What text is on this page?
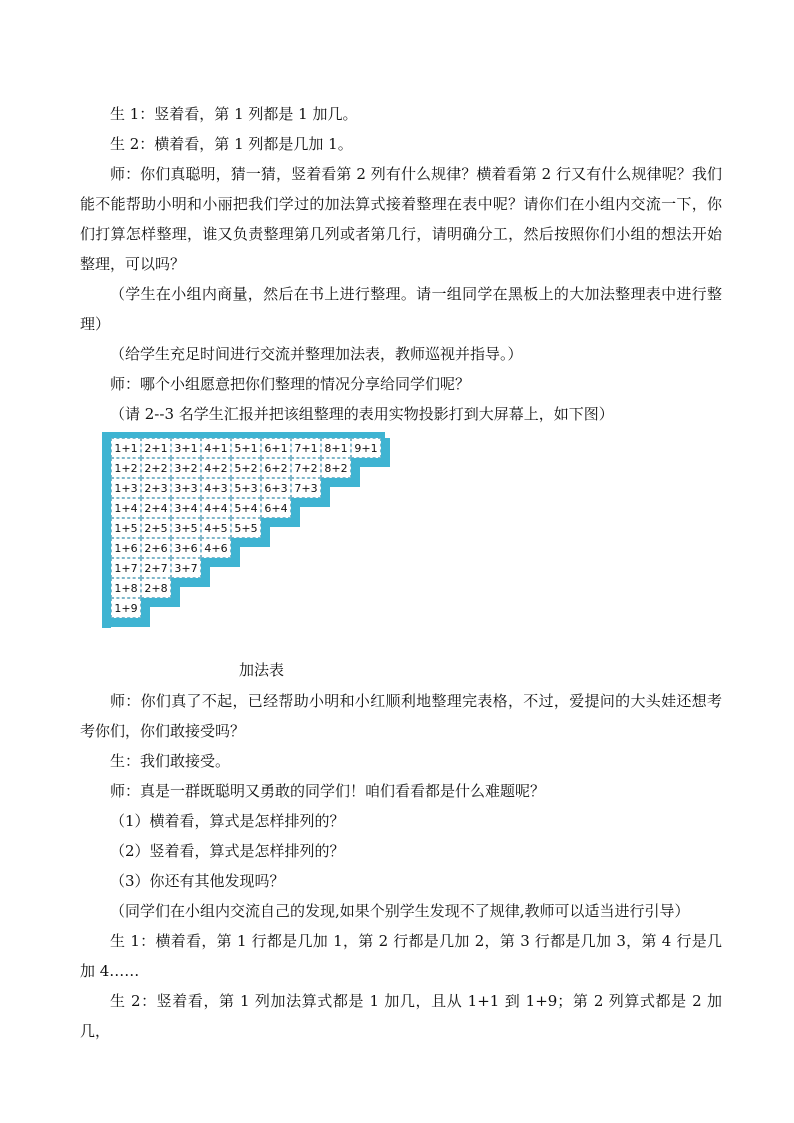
生 1：竖着看，第 1 列都是 1 加几。

生 2：横着看，第 1 列都是几加 1。

师：你们真聪明，猜一猜，竖着看第 2 列有什么规律？横着看第 2 行又有什么规律呢？我们能不能帮助小明和小丽把我们学过的加法算式接着整理在表中呢？请你们在小组内交流一下，你们打算怎样整理，谁又负责整理第几列或者第几行，请明确分工，然后按照你们小组的想法开始整理，可以吗？

（学生在小组内商量，然后在书上进行整理。请一组同学在黑板上的大加法整理表中进行整理）

（给学生充足时间进行交流并整理加法表，教师巡视并指导。）

师：哪个小组愿意把你们整理的情况分享给同学们呢？

（请 2--3 名学生汇报并把该组整理的表用实物投影打到大屏幕上，如下图）

1+1 2+1 3+1 4+1 5+1 6+1 7+1 8+1 9+1
1+2 2+2 3+2 4+2 5+2 6+2 7+2 8+2
1+3 2+3 3+3 4+3 5+3 6+3 7+3
1+4 2+4 3+4 4+4 5+4 6+4
1+5 2+5 3+5 4+5 5+5
1+6 2+6 3+6 4+6
1+7 2+7 3+7
1+8 2+8
1+9
加法表

师：你们真了不起，已经帮助小明和小红顺利地整理完表格，不过，爱提问的大头娃还想考考你们，你们敢接受吗？

生：我们敢接受。

师：真是一群既聪明又勇敢的同学们！咱们看看都是什么难题呢？

（1）横着看，算式是怎样排列的？

（2）竖着看，算式是怎样排列的？

（3）你还有其他发现吗？

（同学们在小组内交流自己的发现,如果个别学生发现不了规律,教师可以适当进行引导）

生 1：横着看，第 1 行都是几加 1，第 2 行都是几加 2，第 3 行都是几加 3，第 4 行是几加 4……

生 2：竖着看，第 1 列加法算式都是 1 加几，且从 1+1 到 1+9；第 2 列算式都是 2 加几，
